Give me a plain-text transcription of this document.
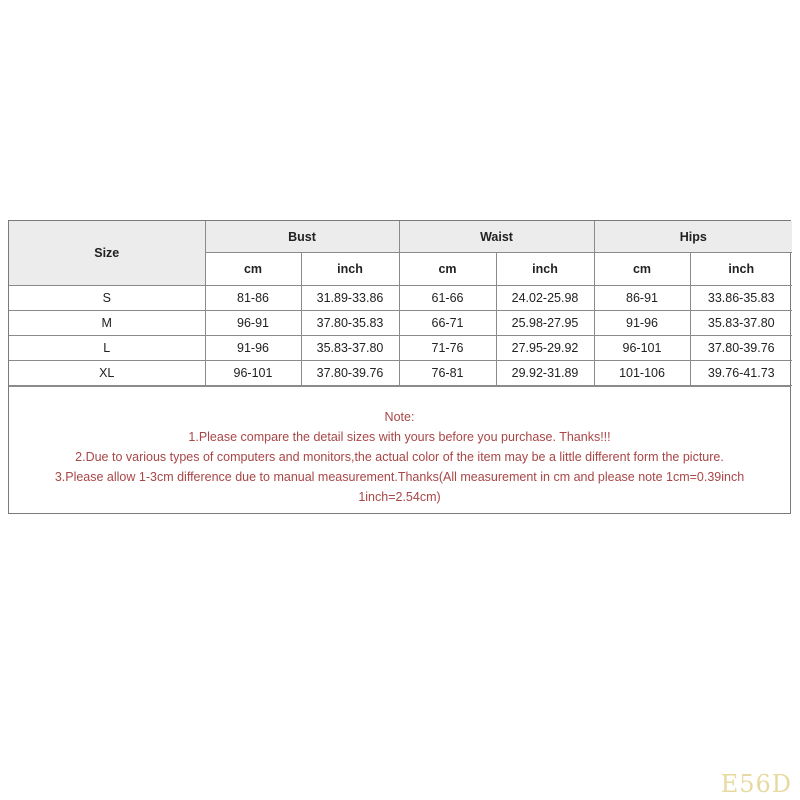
Size	Bust		Waist		Hips	
	cm	inch	cm	inch	cm	inch
S	81-86	31.89-33.86	61-66	24.02-25.98	86-91	33.86-35.83
M	96-91	37.80-35.83	66-71	25.98-27.95	91-96	35.83-37.80
L	91-96	35.83-37.80	71-76	27.95-29.92	96-101	37.80-39.76
XL	96-101	37.80-39.76	76-81	29.92-31.89	101-106	39.76-41.73
Note:
1.Please compare the detail sizes with yours before you purchase. Thanks!!!
2.Due to various types of computers and monitors,the actual color of the item may be a little different form the picture.
3.Please allow 1-3cm difference due to manual measurement.Thanks(All measurement in cm and please note 1cm=0.39inch
1inch=2.54cm)
E56D
